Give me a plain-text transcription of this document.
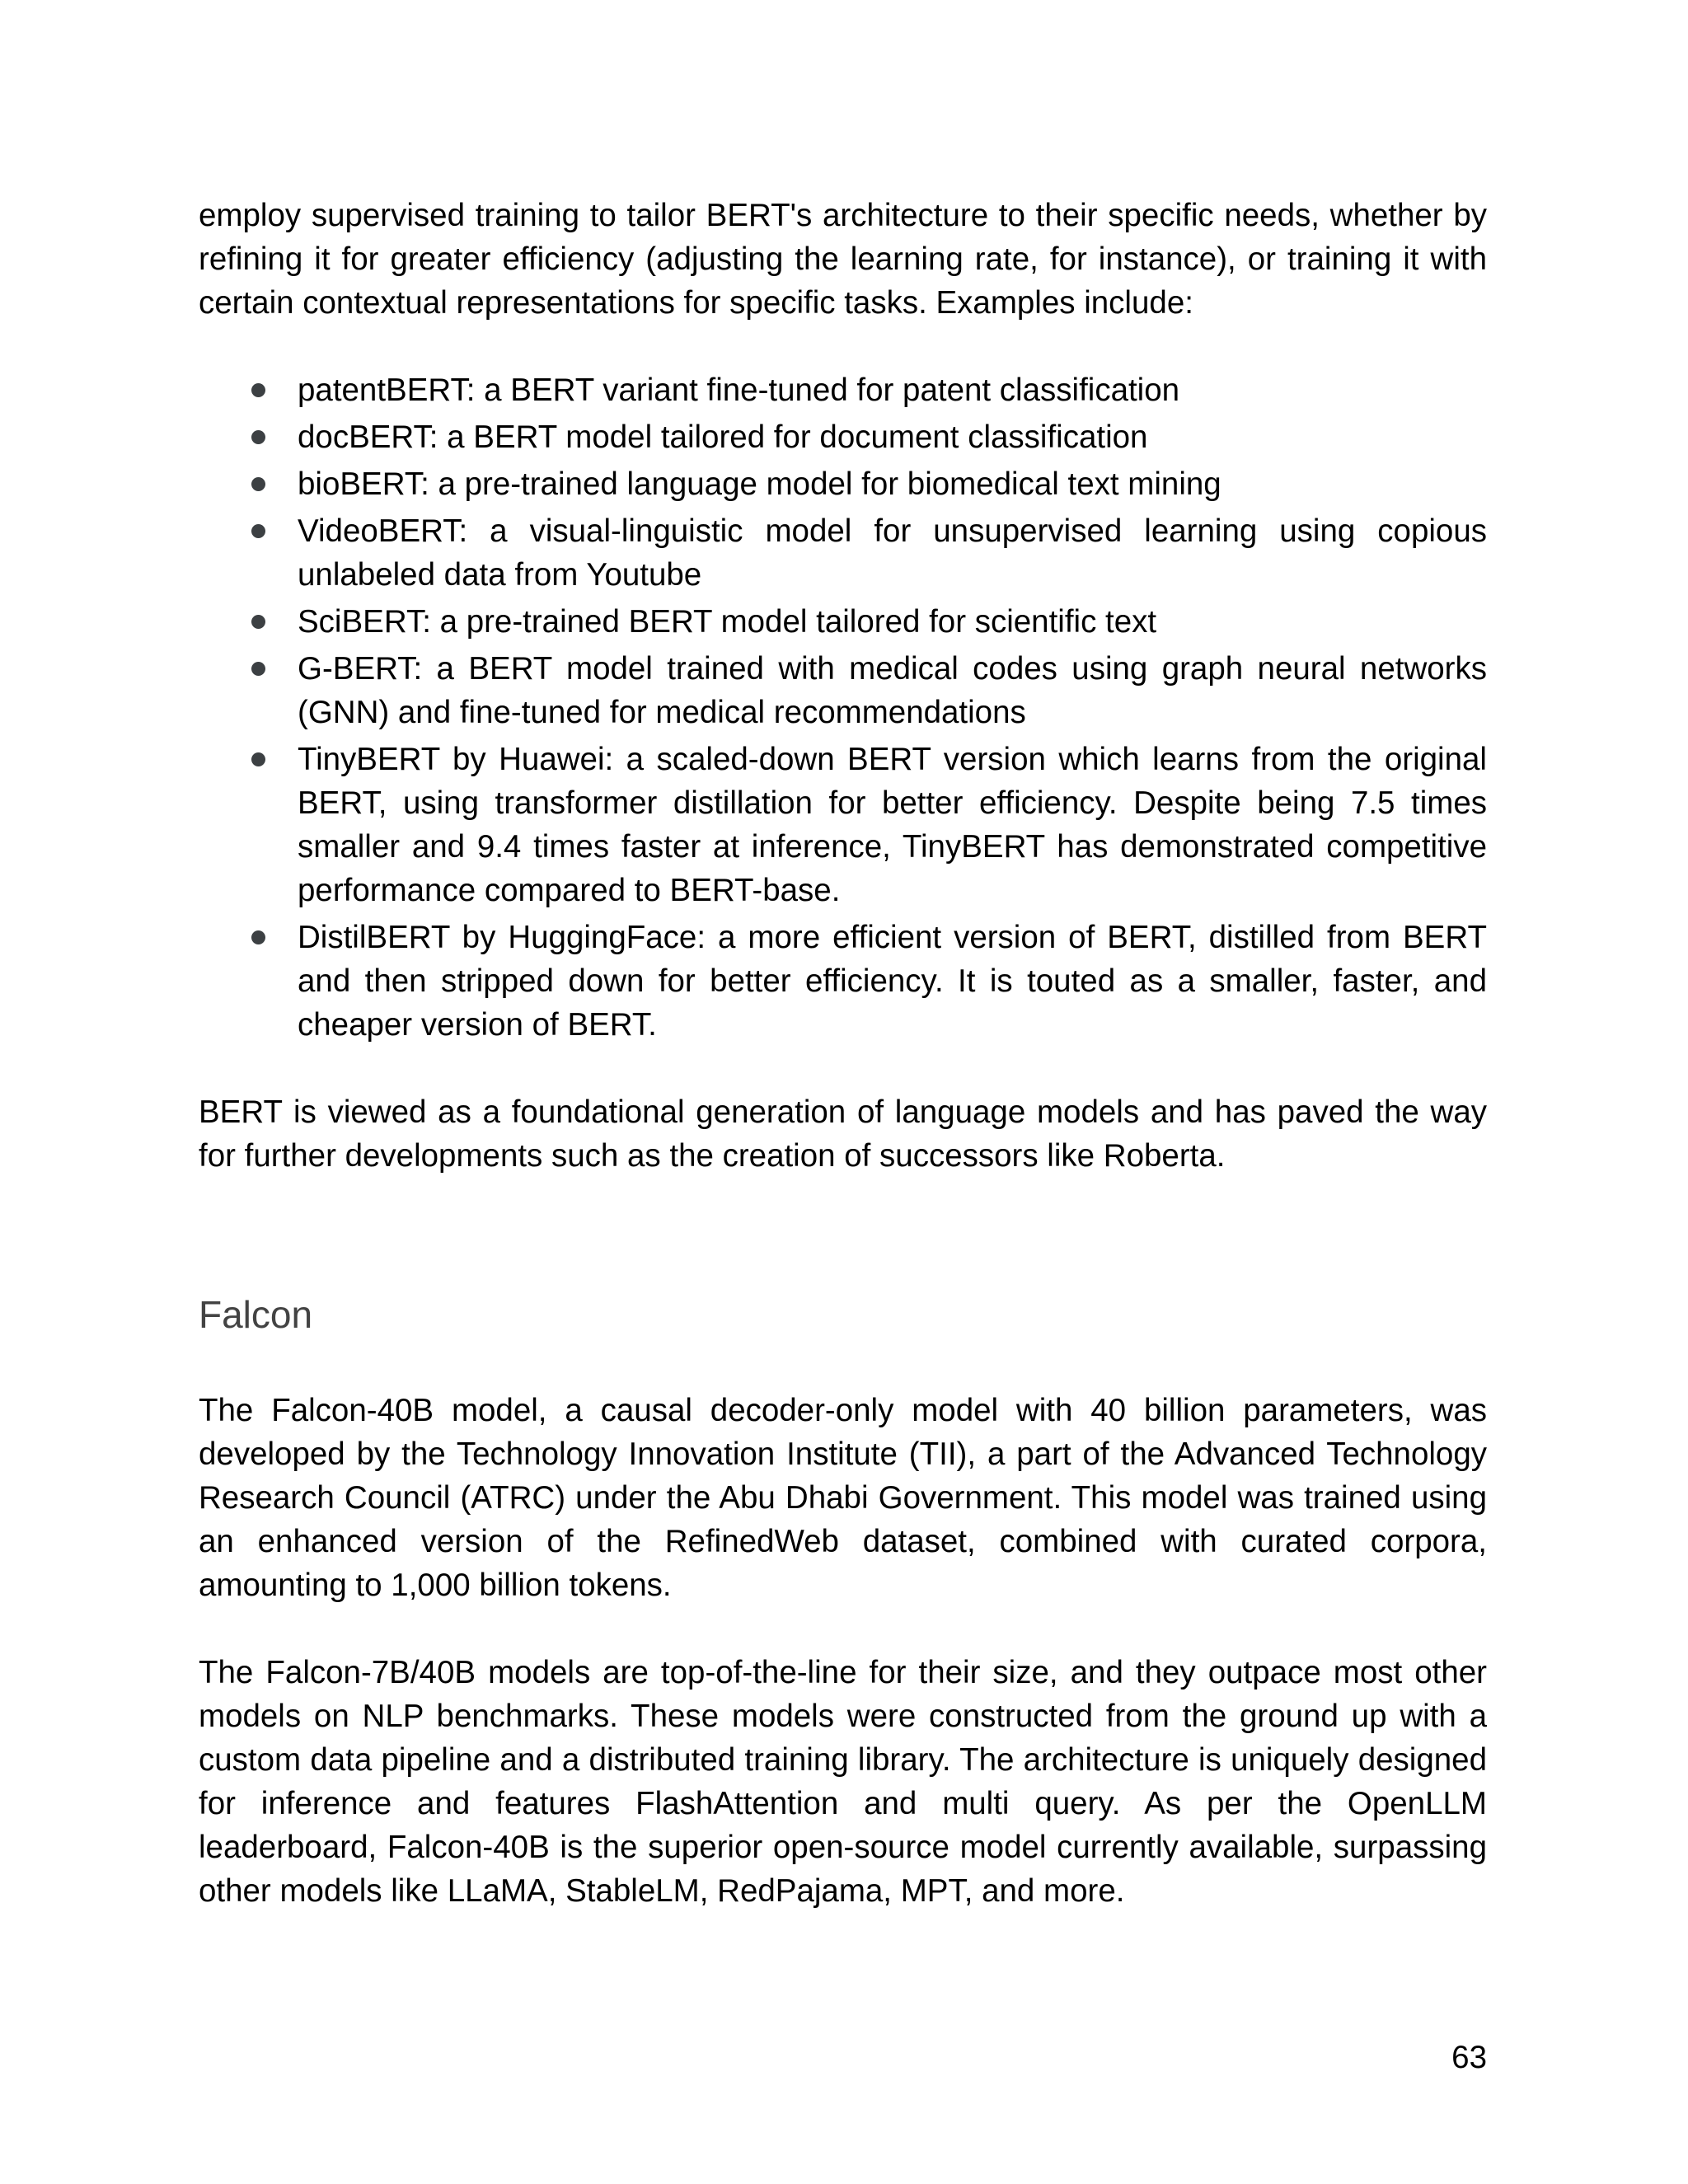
employ supervised training to tailor BERT's architecture to their specific needs, whether by refining it for greater efficiency (adjusting the learning rate, for instance), or training it with certain contextual representations for specific tasks. Examples include:

patentBERT: a BERT variant fine-tuned for patent classification
docBERT: a BERT model tailored for document classification
bioBERT: a pre-trained language model for biomedical text mining
VideoBERT: a visual-linguistic model for unsupervised learning using copious unlabeled data from Youtube
SciBERT: a pre-trained BERT model tailored for scientific text
G-BERT: a BERT model trained with medical codes using graph neural networks (GNN) and fine-tuned for medical recommendations
TinyBERT by Huawei: a scaled-down BERT version which learns from the original BERT, using transformer distillation for better efficiency. Despite being 7.5 times smaller and 9.4 times faster at inference, TinyBERT has demonstrated competitive performance compared to BERT-base.
DistilBERT by HuggingFace: a more efficient version of BERT, distilled from BERT and then stripped down for better efficiency. It is touted as a smaller, faster, and cheaper version of BERT.

BERT is viewed as a foundational generation of language models and has paved the way for further developments such as the creation of successors like Roberta.

Falcon

The Falcon-40B model, a causal decoder-only model with 40 billion parameters, was developed by the Technology Innovation Institute (TII), a part of the Advanced Technology Research Council (ATRC) under the Abu Dhabi Government. This model was trained using an enhanced version of the RefinedWeb dataset, combined with curated corpora, amounting to 1,000 billion tokens.

The Falcon-7B/40B models are top-of-the-line for their size, and they outpace most other models on NLP benchmarks. These models were constructed from the ground up with a custom data pipeline and a distributed training library. The architecture is uniquely designed for inference and features FlashAttention and multi query. As per the OpenLLM leaderboard, Falcon-40B is the superior open-source model currently available, surpassing other models like LLaMA, StableLM, RedPajama, MPT, and more.

63
